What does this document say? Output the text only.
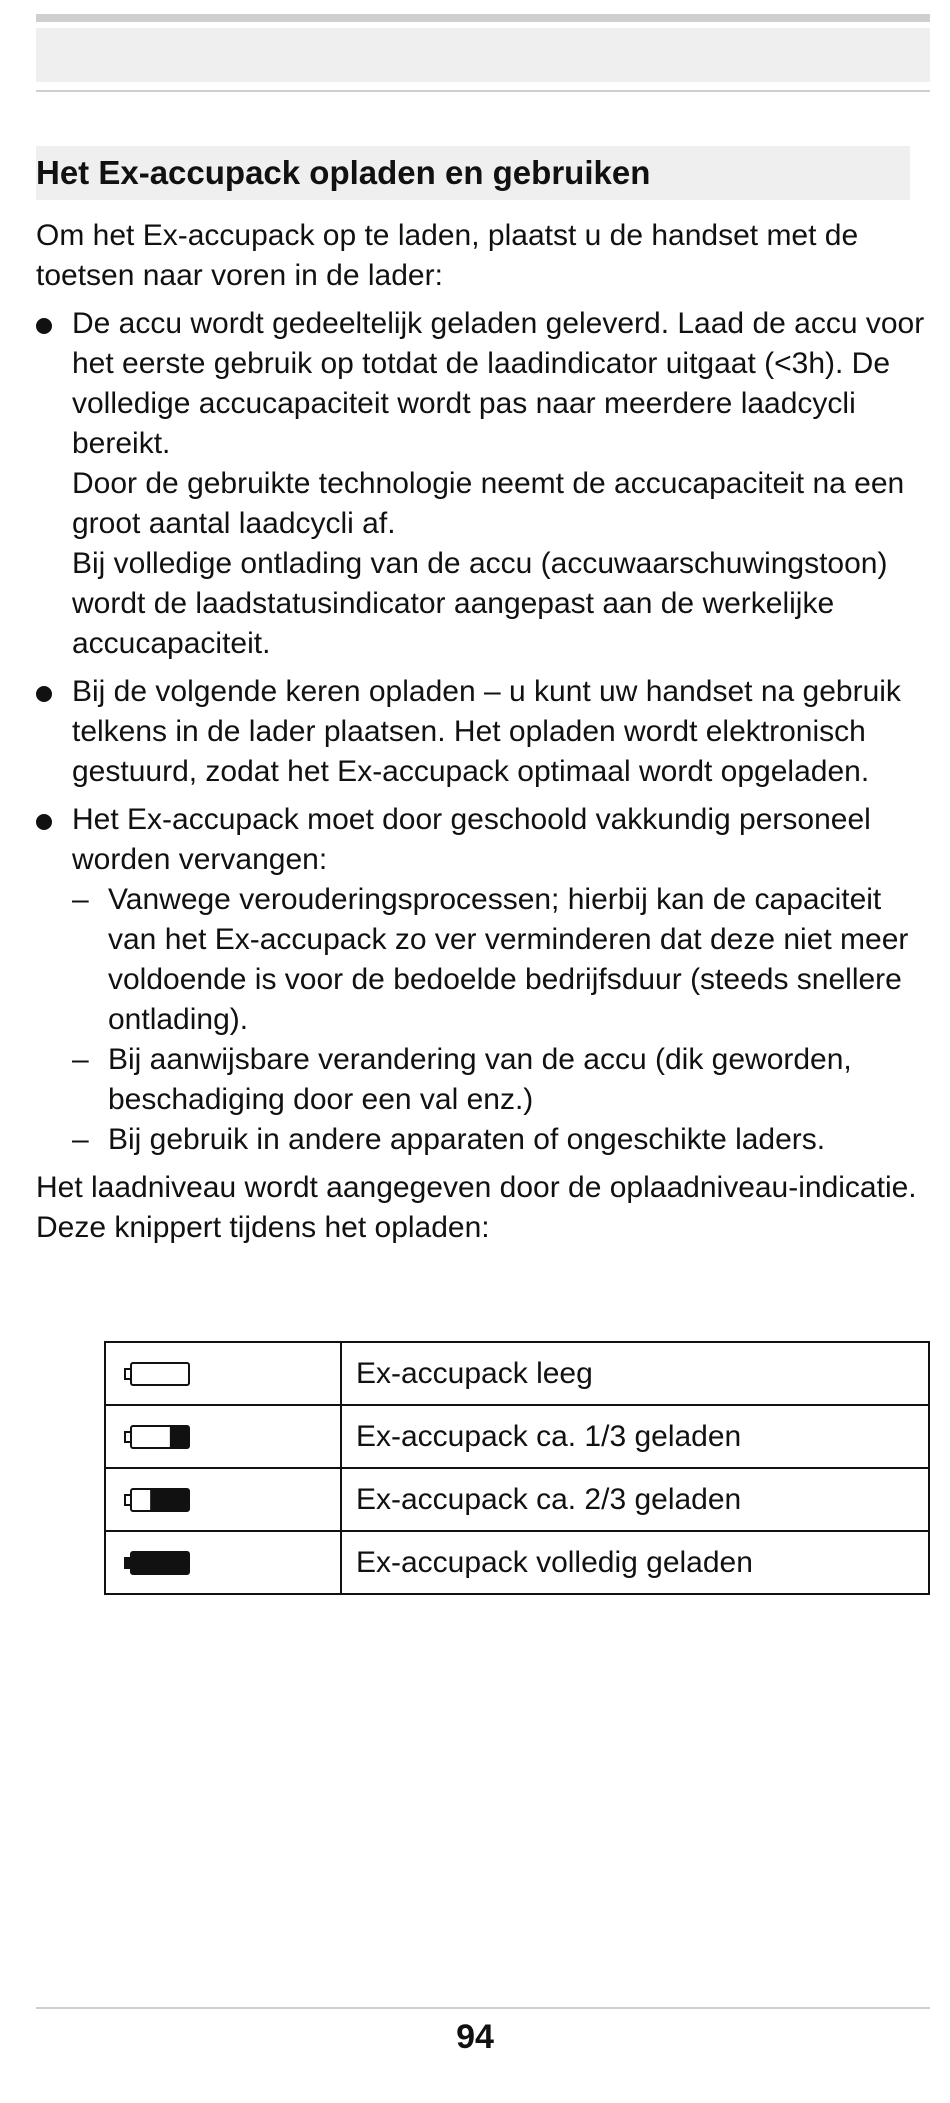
Het Ex-accupack opladen en gebruiken

Om het Ex-accupack op te laden, plaatst u de handset met de toetsen naar voren in de lader:

De accu wordt gedeeltelijk geladen geleverd. Laad de accu voor het eerste gebruik op totdat de laadindicator uitgaat (<3h). De volledige accucapaciteit wordt pas naar meerdere laadcycli bereikt.

Door de gebruikte technologie neemt de accucapaciteit na een groot aantal laadcycli af.

Bij volledige ontlading van de accu (accuwaarschuwingstoon) wordt de laadstatusindicator aangepast aan de werkelijke accucapaciteit.

Bij de volgende keren opladen – u kunt uw handset na gebruik telkens in de lader plaatsen. Het opladen wordt elektronisch gestuurd, zodat het Ex-accupack optimaal wordt opgeladen.

Het Ex-accupack moet door geschoold vakkundig personeel worden vervangen:

– Vanwege verouderingsprocessen; hierbij kan de capaciteit van het Ex-accupack zo ver verminderen dat deze niet meer voldoende is voor de bedoelde bedrijfsduur (steeds snellere ontlading).

– Bij aanwijsbare verandering van de accu (dik geworden, beschadiging door een val enz.)

– Bij gebruik in andere apparaten of ongeschikte laders.

Het laadniveau wordt aangegeven door de oplaadniveau-indicatie. Deze knippert tijdens het opladen:

	Ex-accupack leeg

	Ex-accupack ca. 1/3 geladen

	Ex-accupack ca. 2/3 geladen

	Ex-accupack volledig geladen
94
